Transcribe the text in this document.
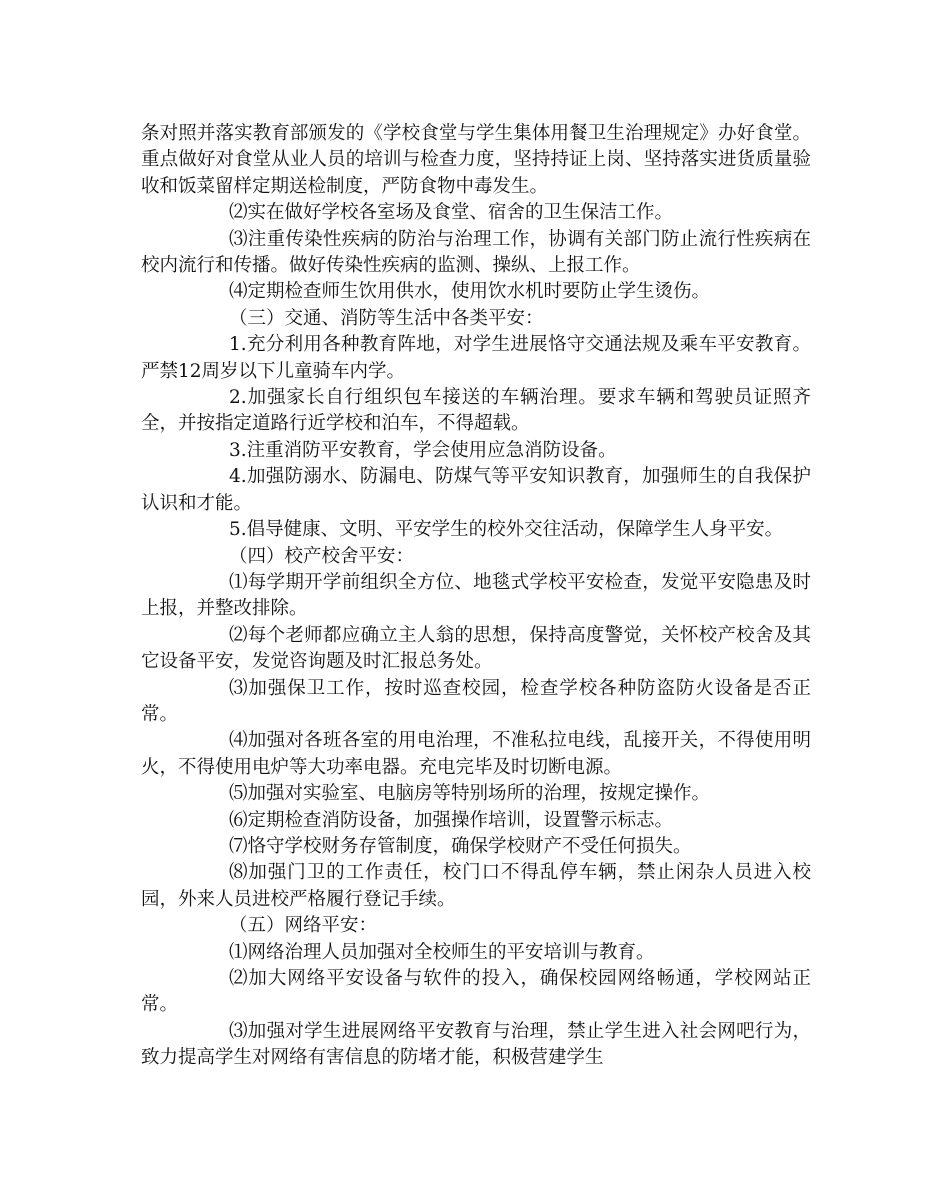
条对照并落实教育部颁发的《学校食堂与学生集体用餐卫生治理规定》办好食堂。重点做好对食堂从业人员的培训与检查力度，坚持持证上岗、坚持落实进货质量验收和饭菜留样定期送检制度，严防食物中毒发生。

⑵实在做好学校各室场及食堂、宿舍的卫生保洁工作。

⑶注重传染性疾病的防治与治理工作，协调有关部门防止流行性疾病在校内流行和传播。做好传染性疾病的监测、操纵、上报工作。

⑷定期检查师生饮用供水，使用饮水机时要防止学生烫伤。

（三）交通、消防等生活中各类平安：

1.充分利用各种教育阵地，对学生进展恪守交通法规及乘车平安教育。严禁12周岁以下儿童骑车内学。

2.加强家长自行组织包车接送的车辆治理。要求车辆和驾驶员证照齐全，并按指定道路行近学校和泊车，不得超载。

3.注重消防平安教育，学会使用应急消防设备。

4.加强防溺水、防漏电、防煤气等平安知识教育，加强师生的自我保护认识和才能。

5.倡导健康、文明、平安学生的校外交往活动，保障学生人身平安。

（四）校产校舍平安：

⑴每学期开学前组织全方位、地毯式学校平安检查，发觉平安隐患及时上报，并整改排除。

⑵每个老师都应确立主人翁的思想，保持高度警觉，关怀校产校舍及其它设备平安，发觉咨询题及时汇报总务处。

⑶加强保卫工作，按时巡查校园，检查学校各种防盗防火设备是否正常。

⑷加强对各班各室的用电治理，不准私拉电线，乱接开关，不得使用明火，不得使用电炉等大功率电器。充电完毕及时切断电源。

⑸加强对实验室、电脑房等特别场所的治理，按规定操作。

⑹定期检查消防设备，加强操作培训，设置警示标志。

⑺恪守学校财务存管制度，确保学校财产不受任何损失。

⑻加强门卫的工作责任，校门口不得乱停车辆，禁止闲杂人员进入校园，外来人员进校严格履行登记手续。

（五）网络平安：

⑴网络治理人员加强对全校师生的平安培训与教育。

⑵加大网络平安设备与软件的投入，确保校园网络畅通，学校网站正常。

⑶加强对学生进展网络平安教育与治理，禁止学生进入社会网吧行为，致力提高学生对网络有害信息的防堵才能，积极营建学生
